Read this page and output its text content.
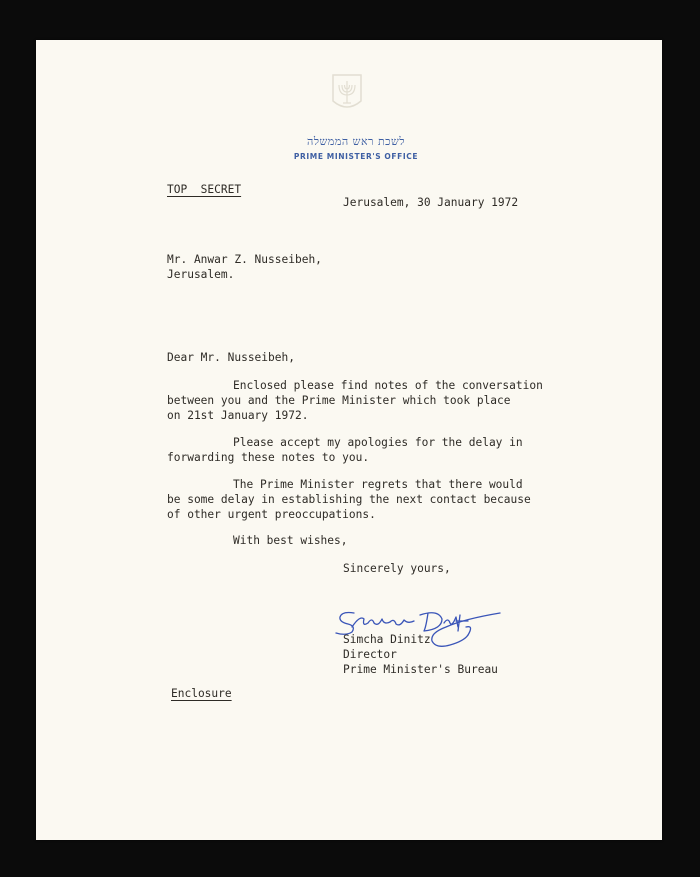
לשכת ראש הממשלה
PRIME MINISTER'S OFFICE
TOP  SECRET
Jerusalem, 30 January 1972
Mr. Anwar Z. Nusseibeh,
Jerusalem.
Dear Mr. Nusseibeh,
Enclosed please find notes of the conversation
between you and the Prime Minister which took place
on 21st January 1972.
Please accept my apologies for the delay in
forwarding these notes to you.
The Prime Minister regrets that there would
be some delay in establishing the next contact because
of other urgent preoccupations.
With best wishes,
Sincerely yours,
Simcha Dinitz
Director
Prime Minister's Bureau
Enclosure
